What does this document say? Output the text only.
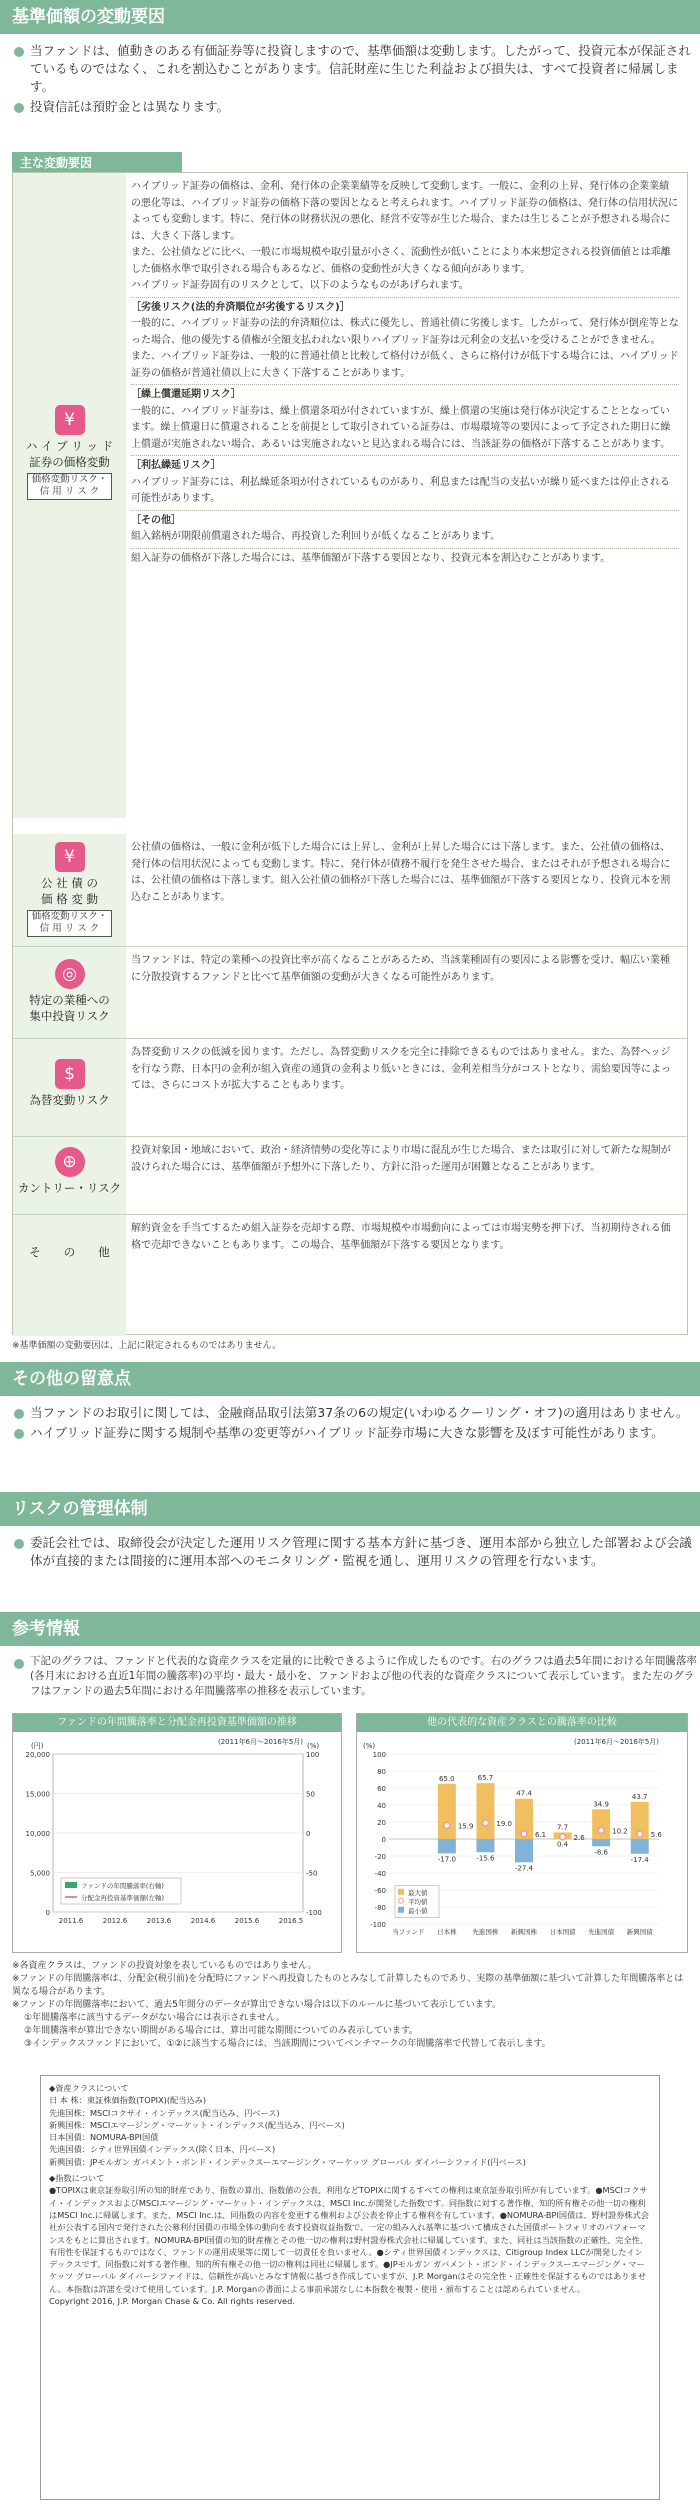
基準価額の変動要因
当ファンドは、値動きのある有価証券等に投資しますので、基準価額は変動します。したがって、投資元本が保証されているものではなく、これを割込むことがあります。信託財産に生じた利益および損失は、すべて投資者に帰属します。
投資信託は預貯金とは異なります。
主な変動要因
¥
ハ イ ブ リ ッ ド
証券の価格変動
価格変動リスク・
信 用 リ ス ク
ハイブリッド証券の価格は、金利、発行体の企業業績等を反映して変動します。一般に、金利の上昇、発行体の企業業績の悪化等は、ハイブリッド証券の価格下落の要因となると考えられます。ハイブリッド証券の価格は、発行体の信用状況によっても変動します。特に、発行体の財務状況の悪化、経営不安等が生じた場合、または生じることが予想される場合には、大きく下落します。
また、公社債などに比べ、一般に市場規模や取引量が小さく、流動性が低いことにより本来想定される投資価値とは乖離した価格水準で取引される場合もあるなど、価格の変動性が大きくなる傾向があります。
ハイブリッド証券固有のリスクとして、以下のようなものがあげられます。
［劣後リスク(法的弁済順位が劣後するリスク)］
一般的に、ハイブリッド証券の法的弁済順位は、株式に優先し、普通社債に劣後します。したがって、発行体が倒産等となった場合、他の優先する債権が全額支払われない限りハイブリッド証券は元利金の支払いを受けることができません。
また、ハイブリッド証券は、一般的に普通社債と比較して格付けが低く、さらに格付けが低下する場合には、ハイブリッド証券の価格が普通社債以上に大きく下落することがあります。
［繰上償還延期リスク］
一般的に、ハイブリッド証券は、繰上償還条項が付されていますが、繰上償還の実施は発行体が決定することとなっています。繰上償還日に償還されることを前提として取引されている証券は、市場環境等の要因によって予定された期日に繰上償還が実施されない場合、あるいは実施されないと見込まれる場合には、当該証券の価格が下落することがあります。
［利払繰延リスク］
ハイブリッド証券には、利払繰延条項が付されているものがあり、利息または配当の支払いが繰り延べまたは停止される可能性があります。
［その他］
組入銘柄が期限前償還された場合、再投資した利回りが低くなることがあります。
組入証券の価格が下落した場合には、基準価額が下落する要因となり、投資元本を割込むことがあります。
¥
公 社 債 の
価 格 変 動
価格変動リスク・
信 用 リ ス ク
公社債の価格は、一般に金利が低下した場合には上昇し、金利が上昇した場合には下落します。また、公社債の価格は、発行体の信用状況によっても変動します。特に、発行体が債務不履行を発生させた場合、またはそれが予想される場合には、公社債の価格は下落します。組入公社債の価格が下落した場合には、基準価額が下落する要因となり、投資元本を割込むことがあります。
◎
特定の業種への
集中投資リスク
当ファンドは、特定の業種への投資比率が高くなることがあるため、当該業種固有の要因による影響を受け、幅広い業種に分散投資するファンドと比べて基準価額の変動が大きくなる可能性があります。
$
為替変動リスク
為替変動リスクの低減を図ります。ただし、為替変動リスクを完全に排除できるものではありません。また、為替ヘッジを行なう際、日本円の金利が組入資産の通貨の金利より低いときには、金利差相当分がコストとなり、需給要因等によっては、さらにコストが拡大することもあります。
⊕
カントリー・リスク
投資対象国・地域において、政治・経済情勢の変化等により市場に混乱が生じた場合、または取引に対して新たな規制が設けられた場合には、基準価額が予想外に下落したり、方針に沿った運用が困難となることがあります。
そ　　の　　他
解約資金を手当てするため組入証券を売却する際、市場規模や市場動向によっては市場実勢を押下げ、当初期待される価格で売却できないこともあります。この場合、基準価額が下落する要因となります。
※基準価額の変動要因は、上記に限定されるものではありません。
その他の留意点
当ファンドのお取引に関しては、金融商品取引法第37条の6の規定(いわゆるクーリング・オフ)の適用はありません。
ハイブリッド証券に関する規制や基準の変更等がハイブリッド証券市場に大きな影響を及ぼす可能性があります。
リスクの管理体制
委託会社では、取締役会が決定した運用リスク管理に関する基本方針に基づき、運用本部から独立した部署および会議体が直接的または間接的に運用本部へのモニタリング・監視を通し、運用リスクの管理を行ないます。
参考情報
下記のグラフは、ファンドと代表的な資産クラスを定量的に比較できるように作成したものです。右のグラフは過去5年間における年間騰落率(各月末における直近1年間の騰落率)の平均・最大・最小を、ファンドおよび他の代表的な資産クラスについて表示しています。また左のグラフはファンドの過去5年間における年間騰落率の推移を表示しています。
ファンドの年間騰落率と分配金再投資基準価額の推移
(2011年6月～2016年5月)
(円)	(%)
0
5,000
10,000
15,000
20,000
-100
-50
0
50
100
2011.6	2012.6	2013.6	2014.6	2015.6	2016.5
ファンドの年間騰落率(右軸)
分配金再投資基準価額(左軸)
他の代表的な資産クラスとの騰落率の比較
(2011年6月～2016年5月)
(%)
100
80
60
40
20
0
-20
-40
-60
-80
-100
当ファンド 日本株
65.0
15.9
-17.0
先進国株
65.7
19.0
-15.6
新興国株
47.4
6.1
-27.4
日本国債
7.7
2.6
0.4
先進国債
34.9
10.2
-8.6
新興国債
43.7
5.6
-17.4
最大値
平均値
最小値
※各資産クラスは、ファンドの投資対象を表しているものではありません。
※ファンドの年間騰落率は、分配金(税引前)を分配時にファンドへ再投資したものとみなして計算したものであり、実際の基準価額に基づいて計算した年間騰落率とは異なる場合があります。
※ファンドの年間騰落率において、過去5年間分のデータが算出できない場合は以下のルールに基づいて表示しています。
①年間騰落率に該当するデータがない場合には表示されません。
②年間騰落率が算出できない期間がある場合には、算出可能な期間についてのみ表示しています。
③インデックスファンドにおいて、①②に該当する場合には、当該期間についてベンチマークの年間騰落率で代替して表示します。
◆資産クラスについて
日 本 株：東証株価指数(TOPIX)(配当込み)
先進国株：MSCIコクサイ・インデックス(配当込み、円ベース)
新興国株：MSCIエマージング・マーケット・インデックス(配当込み、円ベース)
日本国債：NOMURA-BPI国債
先進国債：シティ世界国債インデックス(除く日本、円ベース)
新興国債：JPモルガン ガバメント・ボンド・インデックスーエマージング・マーケッツ グローバル ダイバーシファイド(円ベース)
◆指数について
●TOPIXは東京証券取引所の知的財産であり、指数の算出、指数値の公表、利用などTOPIXに関するすべての権利は東京証券取引所が有しています。●MSCIコクサイ・インデックスおよびMSCIエマージング・マーケット・インデックスは、MSCI Inc.が開発した指数です。同指数に対する著作権、知的所有権その他一切の権利はMSCI Inc.に帰属します。また、MSCI Inc.は、同指数の内容を変更する権利および公表を停止する権利を有しています。●NOMURA-BPI国債は、野村證券株式会社が公表する国内で発行された公募利付国債の市場全体の動向を表す投資収益指数で、一定の組み入れ基準に基づいて構成された国債ポートフォリオのパフォーマンスをもとに算出されます。NOMURA-BPI国債の知的財産権とその他一切の権利は野村證券株式会社に帰属しています。また、同社は当該指数の正確性、完全性、有用性を保証するものではなく、ファンドの運用成果等に関して一切責任を負いません。●シティ世界国債インデックスは、Citigroup Index LLCが開発したインデックスです。同指数に対する著作権、知的所有権その他一切の権利は同社に帰属します。●JPモルガン ガバメント・ボンド・インデックスーエマージング・マーケッツ グローバル ダイバーシファイドは、信頼性が高いとみなす情報に基づき作成していますが、J.P. Morganはその完全性・正確性を保証するものではありません。本指数は許諾を受けて使用しています。J.P. Morganの書面による事前承諾なしに本指数を複製・使用・頒布することは認められていません。
Copyright 2016, J.P. Morgan Chase & Co. All rights reserved.
